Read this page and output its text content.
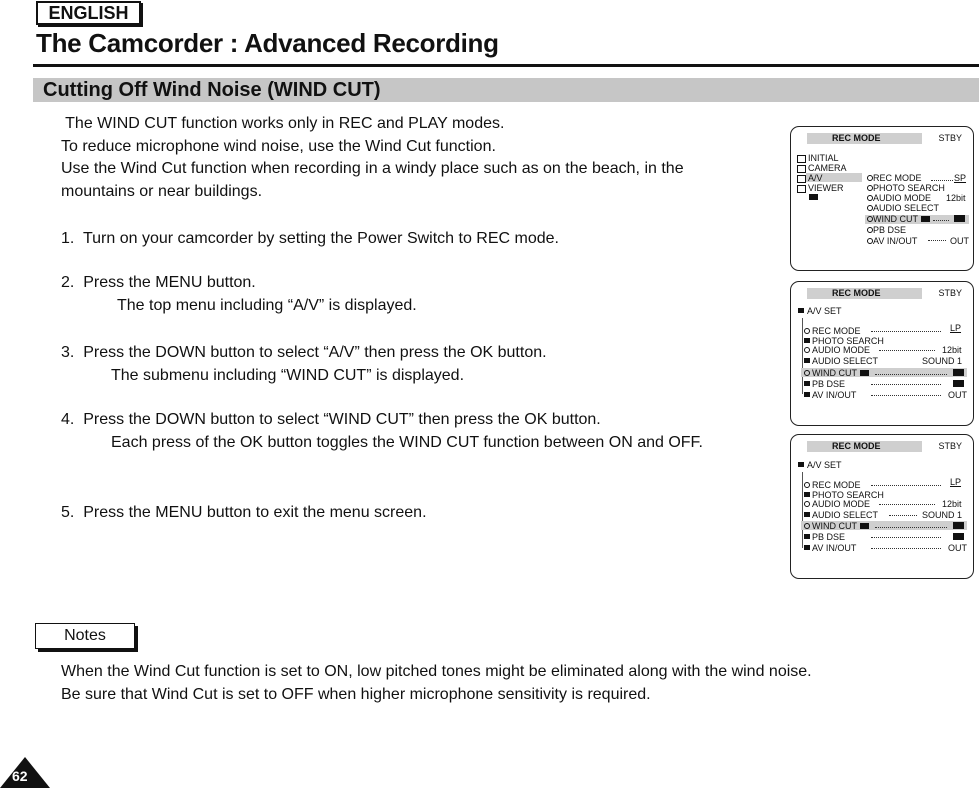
ENGLISH
The Camcorder : Advanced Recording
Cutting Off Wind Noise (WIND CUT)
The WIND CUT function works only in REC and PLAY modes.
To reduce microphone wind noise, use the Wind Cut function.
Use the Wind Cut function when recording in a windy place such as on the beach, in the
mountains or near buildings.
1.  Turn on your camcorder by setting the Power Switch to REC mode.
2.  Press the MENU button.
The top menu including “A/V” is displayed.
3.  Press the DOWN button to select “A/V” then press the OK button.
The submenu including “WIND CUT” is displayed.
4.  Press the DOWN button to select “WIND CUT” then press the OK button.
Each press of the OK button toggles the WIND CUT function between ON and OFF.
5.  Press the MENU button to exit the menu screen.
Notes
When the Wind Cut function is set to ON, low pitched tones might be eliminated along with the wind noise.
Be sure that Wind Cut is set to OFF when higher microphone sensitivity is required.
62
REC MODE	STBY
INITIAL
CAMERA
A/V
VIEWER
REC MODE	SP
PHOTO SEARCH
AUDIO MODE 12bit
AUDIO SELECT
WIND CUT
PB DSE
AV IN/OUT	OUT
REC MODE	STBY
A/V SET
REC MODE	LP
PHOTO SEARCH
AUDIO MODE	12bit
AUDIO SELECT	SOUND 1
WIND CUT
PB DSE
AV IN/OUT	OUT
REC MODE	STBY
A/V SET
REC MODE	LP
PHOTO SEARCH
AUDIO MODE	12bit
AUDIO SELECT	SOUND 1
WIND CUT
PB DSE
AV IN/OUT	OUT
